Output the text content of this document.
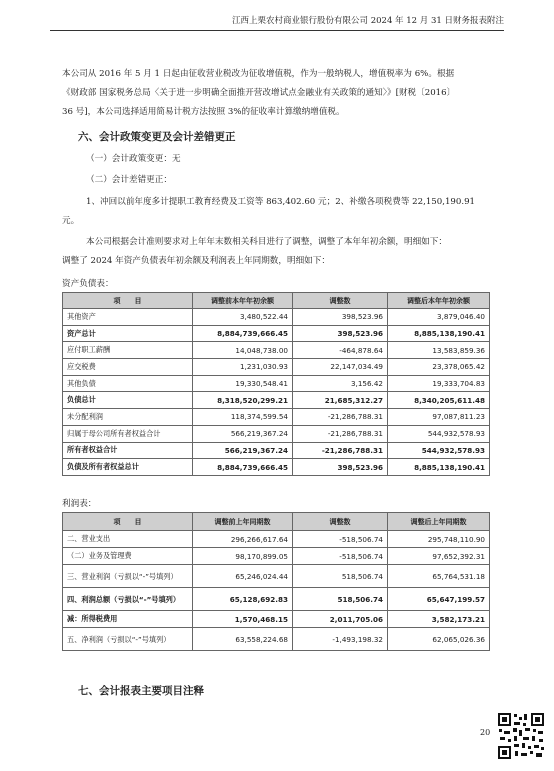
江西上栗农村商业银行股份有限公司 2024 年 12 月 31 日财务报表附注
本公司从 2016 年 5 月 1 日起由征收营业税改为征收增值税，作为一般纳税人，增值税率为 6%。根据
《财政部 国家税务总局〈关于进一步明确全面推开营改增试点金融业有关政策的通知〉》[财税〔2016〕
36 号]，本公司选择适用简易计税方法按照 3%的征收率计算缴纳增值税。
六、会计政策变更及会计差错更正
（一）会计政策变更：无
（二）会计差错更正：
1、冲回以前年度多计提职工教育经费及工资等 863,402.60 元；2、补缴各项税费等 22,150,190.91
元。
本公司根据会计准则要求对上年年末数相关科目进行了调整，调整了本年年初余额，明细如下：
调整了 2024 年资产负债表年初余额及利润表上年同期数，明细如下：
资产负债表：
项　　目	调整前本年年初余额	调整数	调整后本年年初余额
其他资产	3,480,522.44	398,523.96	3,879,046.40
资产总计	8,884,739,666.45	398,523.96	8,885,138,190.41
应付职工薪酬	14,048,738.00	-464,878.64	13,583,859.36
应交税费	1,231,030.93	22,147,034.49	23,378,065.42
其他负债	19,330,548.41	3,156.42	19,333,704.83
负债总计	8,318,520,299.21	21,685,312.27	8,340,205,611.48
未分配利润	118,374,599.54	-21,286,788.31	97,087,811.23
归属于母公司所有者权益合计	566,219,367.24	-21,286,788.31	544,932,578.93
所有者权益合计	566,219,367.24	-21,286,788.31	544,932,578.93
负债及所有者权益总计	8,884,739,666.45	398,523.96	8,885,138,190.41
利润表：
项　　目	调整前上年同期数	调整数	调整后上年同期数
二、营业支出	296,266,617.64	-518,506.74	295,748,110.90
（二）业务及管理费	98,170,899.05	-518,506.74	97,652,392.31
三、营业利润（亏损以“-”号填列）	65,246,024.44	518,506.74	65,764,531.18
四、利润总额（亏损以“-”号填列）	65,128,692.83	518,506.74	65,647,199.57
减：所得税费用	1,570,468.15	2,011,705.06	3,582,173.21
五、净利润（亏损以“-”号填列）	63,558,224.68	-1,493,198.32	62,065,026.36
七、会计报表主要项目注释
20
